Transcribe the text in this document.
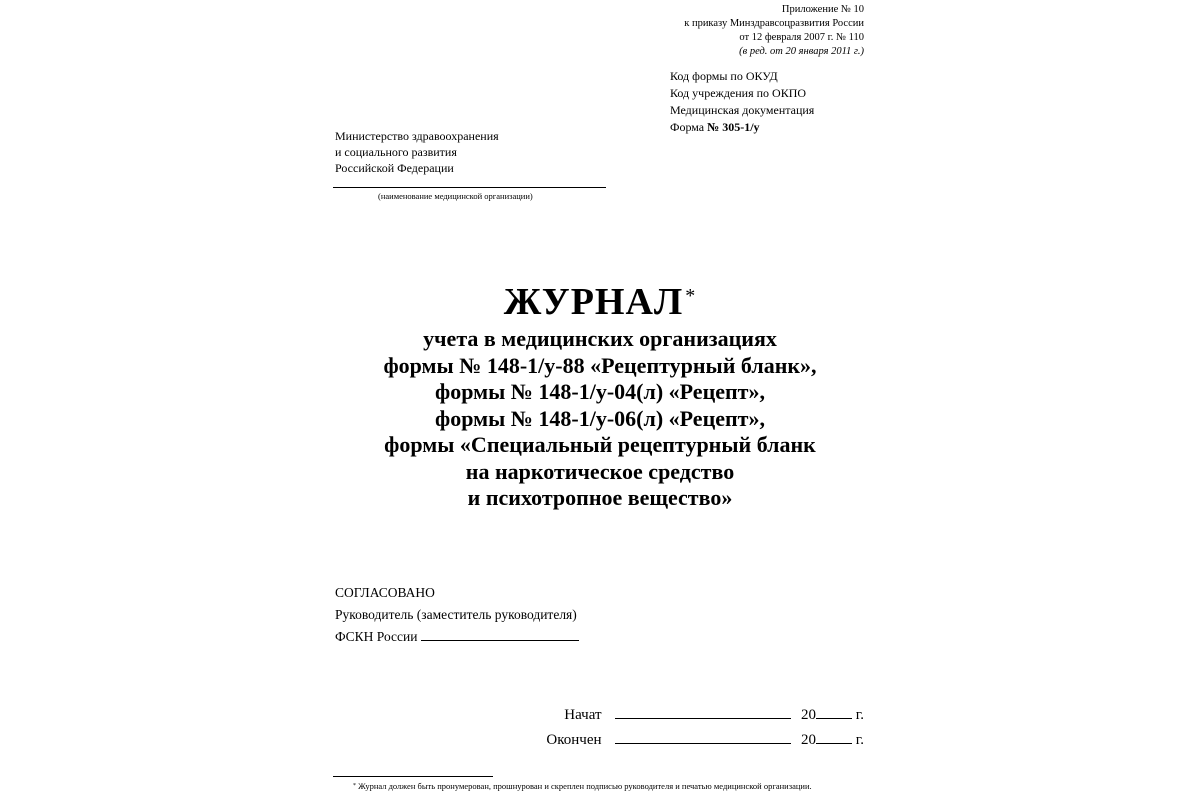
Приложение № 10
к приказу Минздравсоцразвития России
от 12 февраля 2007 г. № 110
(в ред. от 20 января 2011 г.)
Код формы по ОКУД
Код учреждения по ОКПО
Медицинская документация
Форма № 305-1/у
Министерство здравоохранения
и социального развития
Российской Федерации
(наименование медицинской организации)
ЖУРНАЛ *
учета в медицинских организациях
формы № 148-1/у-88 «Рецептурный бланк»,
формы № 148-1/у-04(л) «Рецепт»,
формы № 148-1/у-06(л) «Рецепт»,
формы «Специальный рецептурный бланк
на наркотическое средство
и психотропное вещество»
СОГЛАСОВАНО
Руководитель (заместитель руководителя)
ФСКН России
Начат	20	г.
Окончен	20	г.
* Журнал должен быть пронумерован, прошнурован и скреплен подписью руководителя и печатью медицинской организации.
